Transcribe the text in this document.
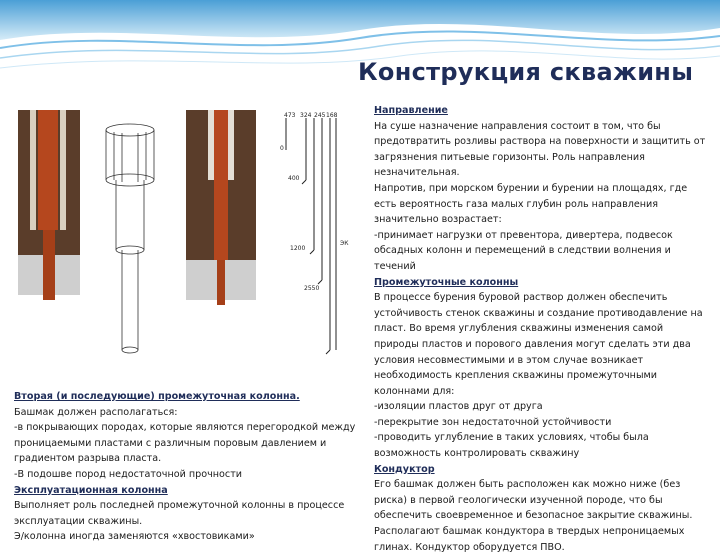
Конструкция скважины
473 324 245 168
0
400
1200
2550
ЭК
Направление
На суше назначение направления состоит в том, что бы предотвратить розливы раствора на поверхности и защитить от загрязнения питьевые горизонты. Роль направления незначительная.
Напротив, при морском бурении и бурении на площадях, где есть вероятность газа малых глубин роль направления значительно возрастает:
-принимает нагрузки от превентора, дивертера, подвесок обсадных колонн и перемещений в следствии волнения и течений
Промежуточные колонны
В процессе бурения буровой раствор должен обеспечить устойчивость стенок скважины и создание противодавление на пласт. Во время углубления скважины изменения самой природы пластов и порового давления могут сделать эти два условия несовместимыми и в этом случае возникает необходимость крепления скважины промежуточными колоннами для:
-изоляции пластов друг от друга
-перекрытие зон недостаточной устойчивости
-проводить углубление в таких условиях, чтобы была возможность контролировать скважину
Кондуктор
Его башмак должен быть расположен как можно ниже (без риска) в первой геологически изученной породе, что бы обеспечить своевременное и безопасное закрытие скважины. Располагают башмак кондуктора в твердых непроницаемых глинах. Кондуктор оборудуется ПВО.
Вторая (и последующие) промежуточная колонна.
Башмак должен располагаться:
-в покрывающих породах, которые являются перегородкой между проницаемыми пластами с различным поровым давлением и градиентом разрыва пласта.
-В подошве пород недостаточной прочности
Эксплуатационная колонна
Выполняет роль последней промежуточной колонны в процессе эксплуатации скважины.
Э/колонна иногда заменяются «хвостовиками»
